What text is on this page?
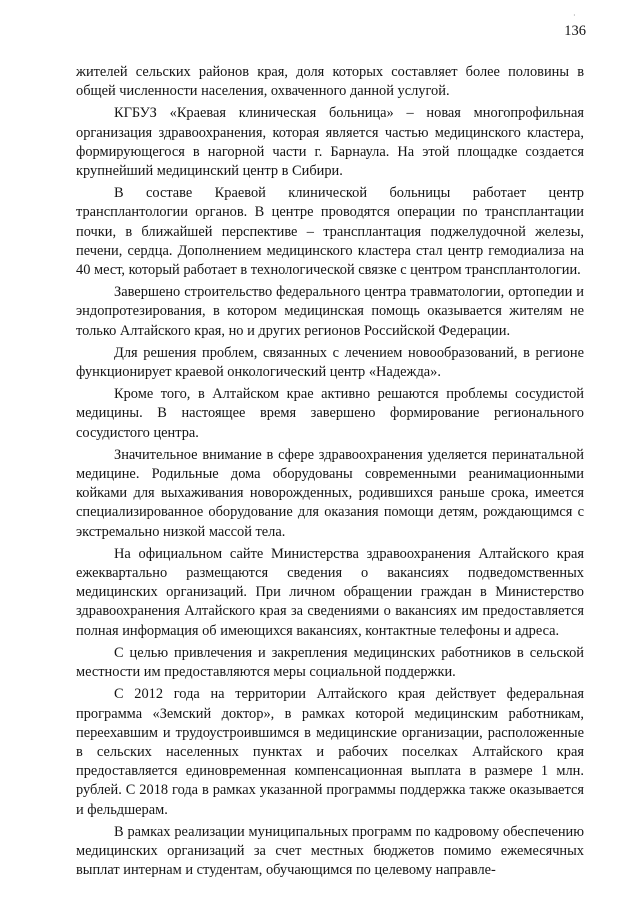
·
136

жителей сельских районов края, доля которых составляет более половины в общей численности населения, охваченного данной услугой.

КГБУЗ «Краевая клиническая больница» – новая многопрофильная организация здравоохранения, которая является частью медицинского кластера, формирующегося в нагорной части г. Барнаула. На этой площадке создается крупнейший медицинский центр в Сибири.

В составе Краевой клинической больницы работает центр трансплантологии органов. В центре проводятся операции по трансплантации почки, в ближайшей перспективе – трансплантация поджелудочной железы, печени, сердца. Дополнением медицинского кластера стал центр гемодиализа на 40 мест, который работает в технологической связке с центром трансплантологии.

Завершено строительство федерального центра травматологии, ортопедии и эндопротезирования, в котором медицинская помощь оказывается жителям не только Алтайского края, но и других регионов Российской Федерации.

Для решения проблем, связанных с лечением новообразований, в регионе функционирует краевой онкологический центр «Надежда».

Кроме того, в Алтайском крае активно решаются проблемы сосудистой медицины. В настоящее время завершено формирование регионального сосудистого центра.

Значительное внимание в сфере здравоохранения уделяется перинатальной медицине. Родильные дома оборудованы современными реанимационными койками для выхаживания новорожденных, родившихся раньше срока, имеется специализированное оборудование для оказания помощи детям, рождающимся с экстремально низкой массой тела.

На официальном сайте Министерства здравоохранения Алтайского края ежеквартально размещаются сведения о вакансиях подведомственных медицинских организаций. При личном обращении граждан в Министерство здравоохранения Алтайского края за сведениями о вакансиях им предоставляется полная информация об имеющихся вакансиях, контактные телефоны и адреса.

С целью привлечения и закрепления медицинских работников в сельской местности им предоставляются меры социальной поддержки.

С 2012 года на территории Алтайского края действует федеральная программа «Земский доктор», в рамках которой медицинским работникам, переехавшим и трудоустроившимся в медицинские организации, расположенные в сельских населенных пунктах и рабочих поселках Алтайского края предоставляется единовременная компенсационная выплата в размере 1 млн. рублей. С 2018 года в рамках указанной программы поддержка также оказывается и фельдшерам.

В рамках реализации муниципальных программ по кадровому обеспечению медицинских организаций за счет местных бюджетов помимо ежемесячных выплат интернам и студентам, обучающимся по целевому направле-
